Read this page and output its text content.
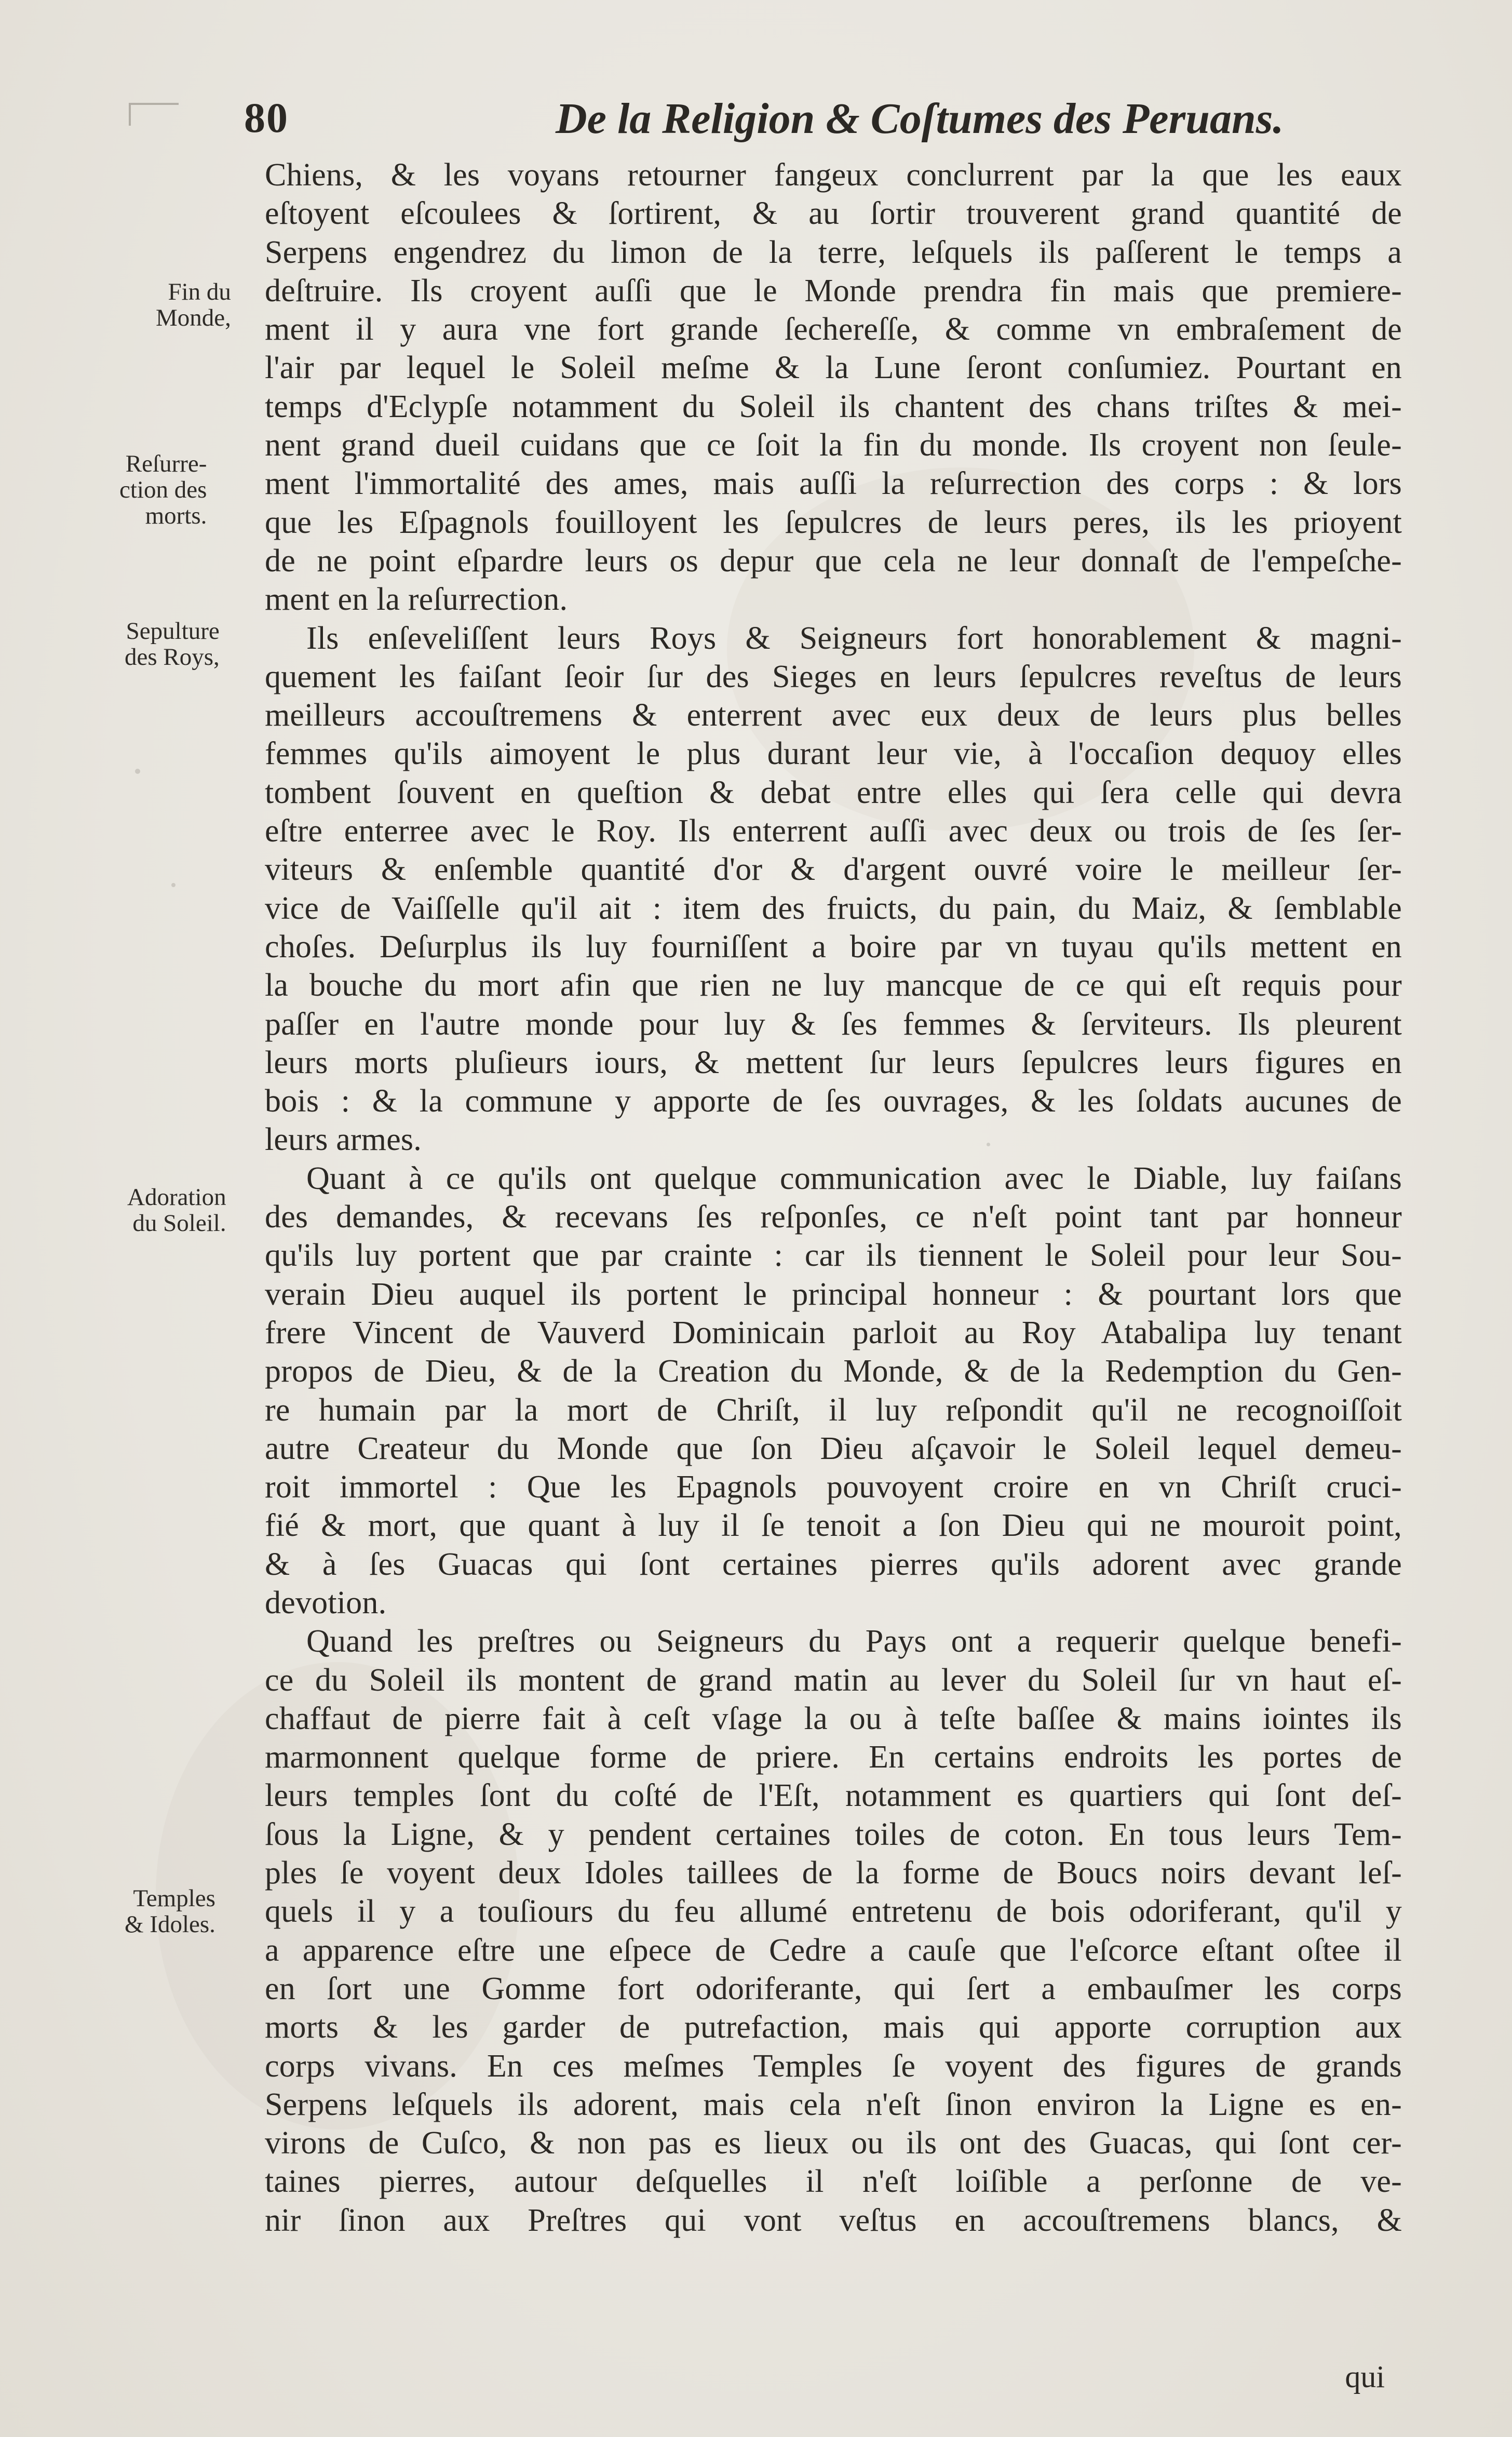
80	De la Religion & Coſtumes des Peruans.
Fin du
Monde,
Reſurre-
ction des
morts.
Sepulture
des Roys,
Adoration
du Soleil.
Temples
& Idoles.
Chiens, & les voyans retourner fangeux conclurrent par la que les eaux
eſtoyent eſcoulees & ſortirent, & au ſortir trouverent grand quantité de
Serpens engendrez du limon de la terre, leſquels ils paſſerent le temps a
deſtruire. Ils croyent auſſi que le Monde prendra fin mais que premiere-
ment il y aura vne fort grande ſechereſſe, & comme vn embraſement de
l'air par lequel le Soleil meſme & la Lune ſeront conſumiez. Pourtant en
temps d'Eclypſe notamment du Soleil ils chantent des chans triſtes & mei-
nent grand dueil cuidans que ce ſoit la fin du monde. Ils croyent non ſeule-
ment l'immortalité des ames, mais auſſi la reſurrection des corps : & lors
que les Eſpagnols fouilloyent les ſepulcres de leurs peres, ils les prioyent
de ne point eſpardre leurs os depur que cela ne leur donnaſt de l'empeſche-
ment en la reſurrection.
Ils enſeveliſſent leurs Roys & Seigneurs fort honorablement & magni-
quement les faiſant ſeoir ſur des Sieges en leurs ſepulcres reveſtus de leurs
meilleurs accouſtremens & enterrent avec eux deux de leurs plus belles
femmes qu'ils aimoyent le plus durant leur vie, à l'occaſion dequoy elles
tombent ſouvent en queſtion & debat entre elles qui ſera celle qui devra
eſtre enterree avec le Roy. Ils enterrent auſſi avec deux ou trois de ſes ſer-
viteurs & enſemble quantité d'or & d'argent ouvré voire le meilleur ſer-
vice de Vaiſſelle qu'il ait : item des fruicts, du pain, du Maiz, & ſemblable
choſes. Deſurplus ils luy fourniſſent a boire par vn tuyau qu'ils mettent en
la bouche du mort afin que rien ne luy mancque de ce qui eſt requis pour
paſſer en l'autre monde pour luy & ſes femmes & ſerviteurs. Ils pleurent
leurs morts pluſieurs iours, & mettent ſur leurs ſepulcres leurs figures en
bois : & la commune y apporte de ſes ouvrages, & les ſoldats aucunes de
leurs armes.
Quant à ce qu'ils ont quelque communication avec le Diable, luy faiſans
des demandes, & recevans ſes reſponſes, ce n'eſt point tant par honneur
qu'ils luy portent que par crainte : car ils tiennent le Soleil pour leur Sou-
verain Dieu auquel ils portent le principal honneur : & pourtant lors que
frere Vincent de Vauverd Dominicain parloit au Roy Atabalipa luy tenant
propos de Dieu, & de la Creation du Monde, & de la Redemption du Gen-
re humain par la mort de Chriſt, il luy reſpondit qu'il ne recognoiſſoit
autre Createur du Monde que ſon Dieu aſçavoir le Soleil lequel demeu-
roit immortel : Que les Epagnols pouvoyent croire en vn Chriſt cruci-
fié & mort, que quant à luy il ſe tenoit a ſon Dieu qui ne mouroit point,
& à ſes Guacas qui ſont certaines pierres qu'ils adorent avec grande
devotion.
Quand les preſtres ou Seigneurs du Pays ont a requerir quelque benefi-
ce du Soleil ils montent de grand matin au lever du Soleil ſur vn haut eſ-
chaffaut de pierre fait à ceſt vſage la ou à teſte baſſee & mains iointes ils
marmonnent quelque forme de priere. En certains endroits les portes de
leurs temples ſont du coſté de l'Eſt, notamment es quartiers qui ſont deſ-
ſous la Ligne, & y pendent certaines toiles de coton. En tous leurs Tem-
ples ſe voyent deux Idoles taillees de la forme de Boucs noirs devant leſ-
quels il y a touſiours du feu allumé entretenu de bois odoriferant, qu'il y
a apparence eſtre une eſpece de Cedre a cauſe que l'eſcorce eſtant oſtee il
en ſort une Gomme fort odoriferante, qui ſert a embauſmer les corps
morts & les garder de putrefaction, mais qui apporte corruption aux
corps vivans. En ces meſmes Temples ſe voyent des figures de grands
Serpens leſquels ils adorent, mais cela n'eſt ſinon environ la Ligne es en-
virons de Cuſco, & non pas es lieux ou ils ont des Guacas, qui ſont cer-
taines pierres, autour deſquelles il n'eſt loiſible a perſonne de ve-
nir ſinon aux Preſtres qui vont veſtus en accouſtremens blancs, &
qui
